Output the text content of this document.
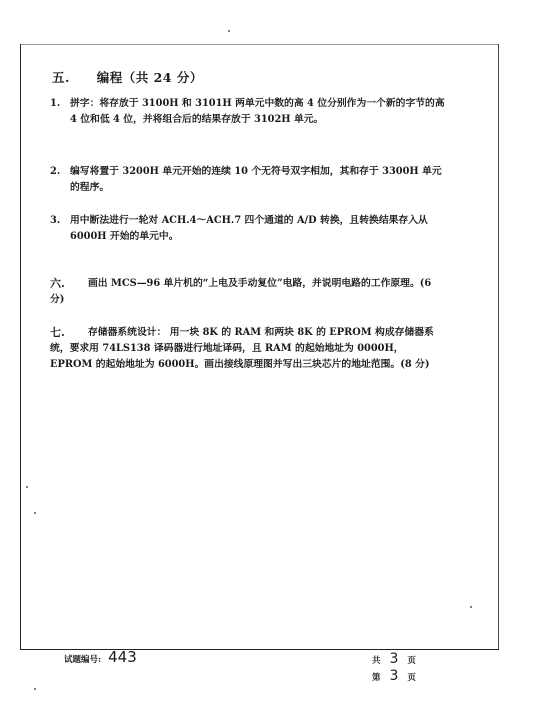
五. 编程（共 24 分）
1. 拼字：将存放于 3100H 和 3101H 两单元中数的高 4 位分别作为一个新的字节的高 4 位和低 4 位，并将组合后的结果存放于 3102H 单元。
2. 编写将置于 3200H 单元开始的连续 10 个无符号双字相加，其和存于 3300H 单元的程序。
3. 用中断法进行一轮对 ACH.4～ACH.7 四个通道的 A/D 转换，且转换结果存入从 6000H 开始的单元中。
六.	画出 MCS—96 单片机的“上电及手动复位”电路，并说明电路的工作原理。(6 分)
七.	存储器系统设计： 用一块 8K 的 RAM 和两块 8K 的 EPROM 构成存储器系统，要求用 74LS138 译码器进行地址译码，且 RAM 的起始地址为 0000H，EPROM 的起始地址为 6000H。画出接线原理图并写出三块芯片的地址范围。(8 分)
试题编号: 443	共 3 页
第 3 页
